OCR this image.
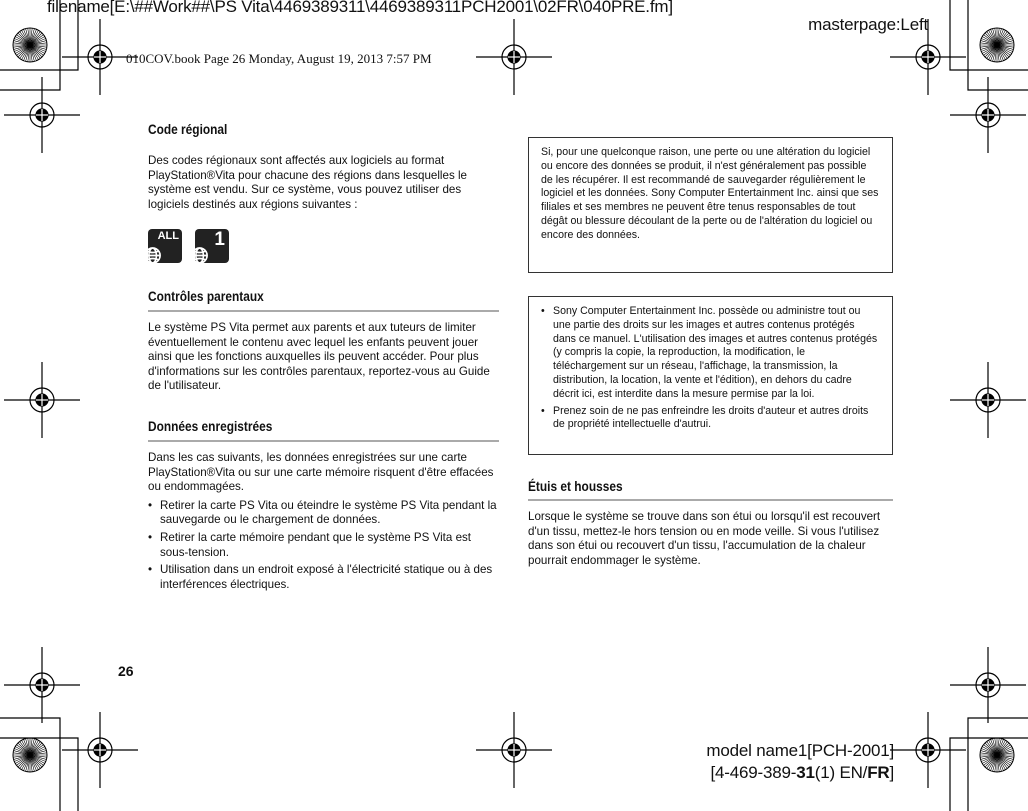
filename[E:\##Work##\PS Vita\4469389311\4469389311PCH2001\02FR\040PRE.fm]
masterpage:Left
010COV.book Page 26 Monday, August 19, 2013 7:57 PM
Code régional
Des codes régionaux sont affectés aux logiciels au format PlayStation®Vita pour chacune des régions dans lesquelles le système est vendu. Sur ce système, vous pouvez utiliser des logiciels destinés aux régions suivantes :
ALL
🌐︎
1
🌐︎
Contrôles parentaux
Le système PS Vita permet aux parents et aux tuteurs de limiter éventuellement le contenu avec lequel les enfants peuvent jouer ainsi que les fonctions auxquelles ils peuvent accéder. Pour plus d'informations sur les contrôles parentaux, reportez-vous au Guide de l'utilisateur.
Données enregistrées
Dans les cas suivants, les données enregistrées sur une carte PlayStation®Vita ou sur une carte mémoire risquent d'être effacées ou endommagées.
• Retirer la carte PS Vita ou éteindre le système PS Vita pendant la sauvegarde ou le chargement de données.
• Retirer la carte mémoire pendant que le système PS Vita est sous-tension.
• Utilisation dans un endroit exposé à l'électricité statique ou à des interférences électriques.
Si, pour une quelconque raison, une perte ou une altération du logiciel ou encore des données se produit, il n'est généralement pas possible de les récupérer. Il est recommandé de sauvegarder régulièrement le logiciel et les données. Sony Computer Entertainment Inc. ainsi que ses filiales et ses membres ne peuvent être tenus responsables de tout dégât ou blessure découlant de la perte ou de l'altération du logiciel ou encore des données.
• Sony Computer Entertainment Inc. possède ou administre tout ou une partie des droits sur les images et autres contenus protégés dans ce manuel. L'utilisation des images et autres contenus protégés (y compris la copie, la reproduction, la modification, le téléchargement sur un réseau, l'affichage, la transmission, la distribution, la location, la vente et l'édition), en dehors du cadre décrit ici, est interdite dans la mesure permise par la loi.
• Prenez soin de ne pas enfreindre les droits d'auteur et autres droits de propriété intellectuelle d'autrui.
Étuis et housses
Lorsque le système se trouve dans son étui ou lorsqu'il est recouvert d'un tissu, mettez-le hors tension ou en mode veille. Si vous l'utilisez dans son étui ou recouvert d'un tissu, l'accumulation de la chaleur pourrait endommager le système.
26
model name1[PCH-2001]
[4-469-389-31(1) EN/FR]
